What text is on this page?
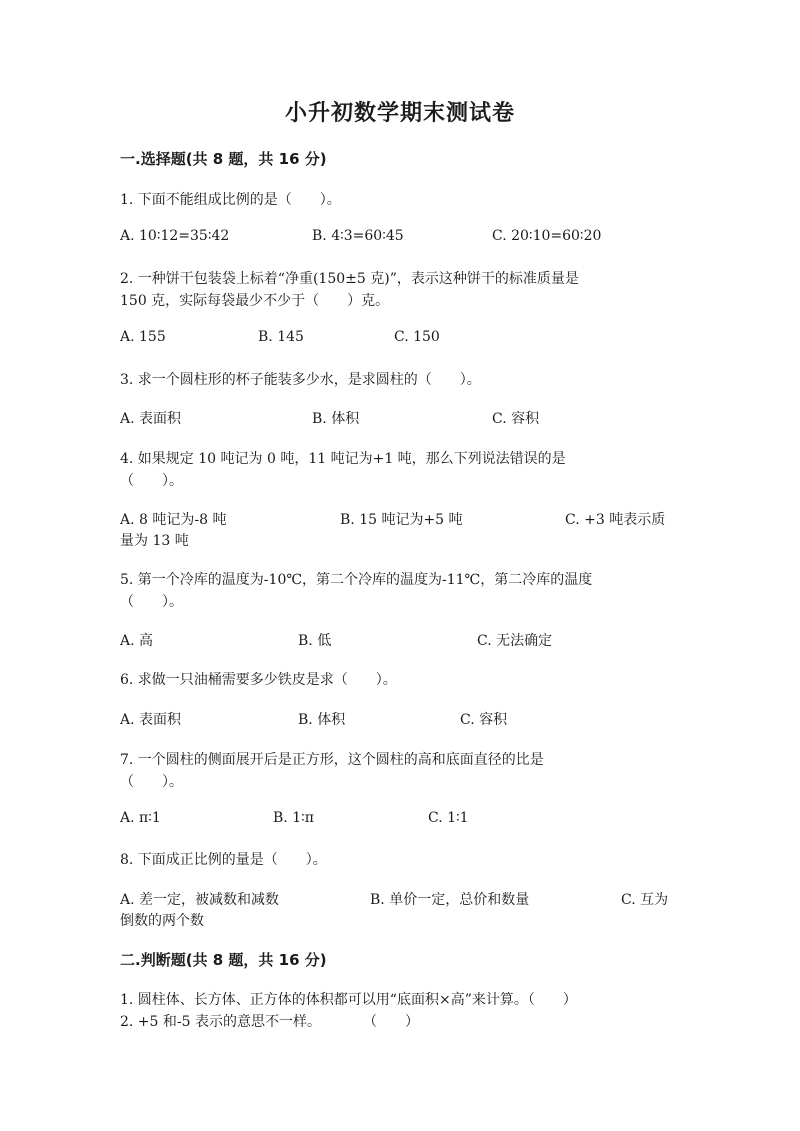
小升初数学期末测试卷
一.选择题(共 8 题，共 16 分)
1. 下面不能组成比例的是（　　）。
A. 10∶12=35∶42	B. 4∶3=60∶45	C. 20∶10=60∶20
2. 一种饼干包装袋上标着“净重(150±5 克)”，表示这种饼干的标准质量是
150 克，实际每袋最少不少于（　　）克。
A. 155	B. 145	C. 150
3. 求一个圆柱形的杯子能装多少水，是求圆柱的（　　）。
A. 表面积	B. 体积	C. 容积
4. 如果规定 10 吨记为 0 吨，11 吨记为+1 吨，那么下列说法错误的是
（　　）。
A. 8 吨记为-8 吨	B. 15 吨记为+5 吨	C. +3 吨表示质
量为 13 吨
5. 第一个冷库的温度为-10℃，第二个冷库的温度为-11℃，第二冷库的温度
（　　）。
A. 高	B. 低	C. 无法确定
6. 求做一只油桶需要多少铁皮是求（　　）。
A. 表面积	B. 体积	C. 容积
7. 一个圆柱的侧面展开后是正方形，这个圆柱的高和底面直径的比是
（　　）。
A. π∶1	B. 1∶π	C. 1∶1
8. 下面成正比例的量是（　　）。
A. 差一定，被减数和减数	B. 单价一定，总价和数量	C. 互为
倒数的两个数
二.判断题(共 8 题，共 16 分)
1. 圆柱体、长方体、正方体的体积都可以用“底面积×高”来计算。（　　）
2. +5 和-5 表示的意思不一样。　　　　（　　）
